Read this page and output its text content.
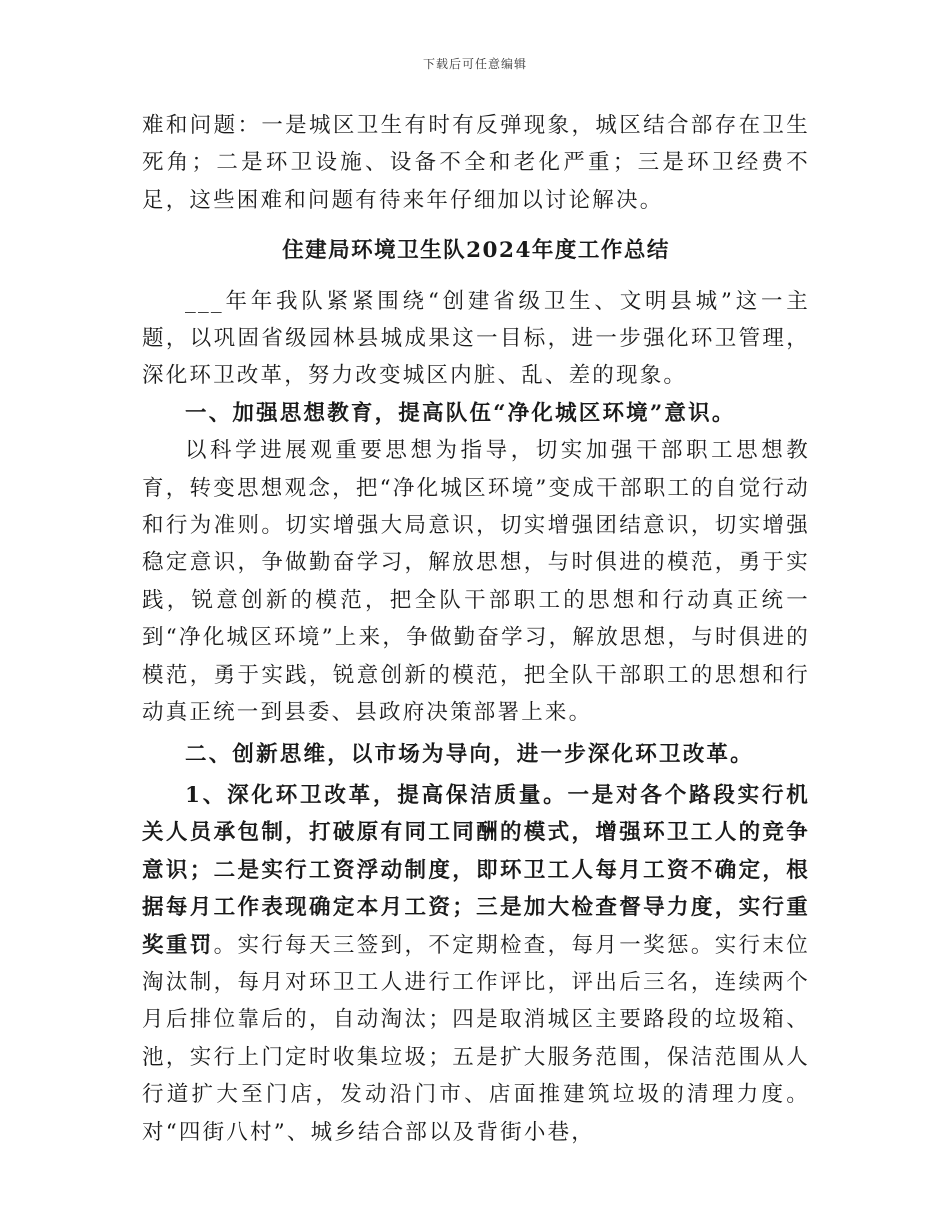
下载后可任意编辑

难和问题：一是城区卫生有时有反弹现象，城区结合部存在卫生死角；二是环卫设施、设备不全和老化严重；三是环卫经费不足，这些困难和问题有待来年仔细加以讨论解决。

住建局环境卫生队2024年度工作总结

___年年我队紧紧围绕“创建省级卫生、文明县城”这一主题，以巩固省级园林县城成果这一目标，进一步强化环卫管理，深化环卫改革，努力改变城区内脏、乱、差的现象。

一、加强思想教育，提高队伍“净化城区环境”意识。

以科学进展观重要思想为指导，切实加强干部职工思想教育，转变思想观念，把“净化城区环境”变成干部职工的自觉行动和行为准则。切实增强大局意识，切实增强团结意识，切实增强稳定意识，争做勤奋学习，解放思想，与时俱进的模范，勇于实践，锐意创新的模范，把全队干部职工的思想和行动真正统一到“净化城区环境”上来，争做勤奋学习，解放思想，与时俱进的模范，勇于实践，锐意创新的模范，把全队干部职工的思想和行动真正统一到县委、县政府决策部署上来。

二、创新思维，以市场为导向，进一步深化环卫改革。

1、深化环卫改革，提高保洁质量。一是对各个路段实行机关人员承包制，打破原有同工同酬的模式，增强环卫工人的竞争意识；二是实行工资浮动制度，即环卫工人每月工资不确定，根据每月工作表现确定本月工资；三是加大检查督导力度，实行重奖重罚。实行每天三签到，不定期检查，每月一奖惩。实行末位淘汰制，每月对环卫工人进行工作评比，评出后三名，连续两个月后排位靠后的，自动淘汰；四是取消城区主要路段的垃圾箱、池，实行上门定时收集垃圾；五是扩大服务范围，保洁范围从人行道扩大至门店，发动沿门市、店面推建筑垃圾的清理力度。对“四街八村”、城乡结合部以及背街小巷，
